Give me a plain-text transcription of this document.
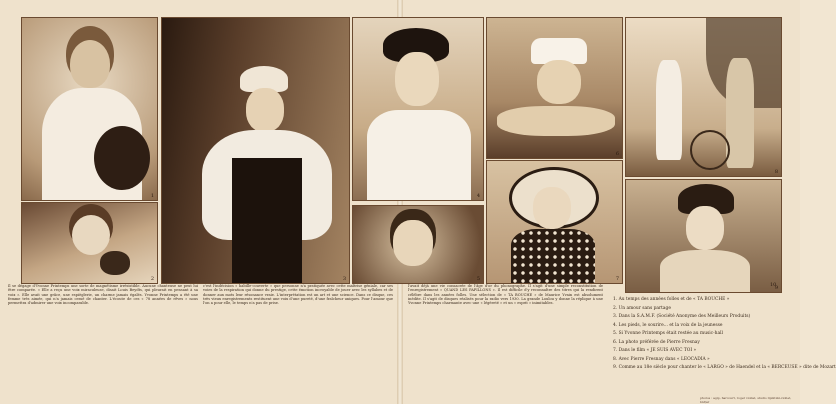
1
2	3
4
5
6
7
8
9
10

Il se dégage d'Yvonne Printemps une sorte de magnétisme irrésistible. Aucune chanteuse ne peut lui être comparée. « Elle a reçu une voix miraculeuse, disait Louis Beydts, qui pleurait en pensant à sa voix ». Elle avait une grâce, une espièglerie, un charme jamais égalés. Yvonne Printemps a été une femme très aimée, qui n'a jamais cessé de chanter. L'écoute de ces « 78 années de rêves » nous permettra d'admirer une voix incomparable.

c'est l'indécision « habille-couverte » que personne n'a pratiquée avec cette maîtrise géniale, car ses voies de la respiration qui donne du prestige, cette émotion incroyable de jouer avec les syllabes et de donner aux mots leur résonance vraie. L'interprétation est un art et une science. Dans ce disque, ces très vieux enregistrements restituent une voix d'une pureté, d'une fraîcheur uniques. Pour l'amour que l'on a pour elle, le temps n'a pas de prise.

l'avait déjà une vie consacrée de l'âge d'or du phonographe. Il s'agit d'une simple reconstitution de l'enregistrement « QUAND LES PAPILLONS ». Il est difficile d'y reconnaître des titres qui la rendirent célèbre dans les années folles. Une sélection de « TA BOUCHE » de Maurice Yvain est absolument inédite. Il s'agit de disques réalisés pour la radio vers 1930. La grande Loulou y donne la réplique à une Yvonne Printemps charmante avec une « légèreté » et un « esprit » inimitables.

1. Au temps des années folles et de « TA BOUCHE »
2. Un amour sans partage
3. Dans la S.A.M.F. (Société Anonyme des Meilleurs Produits)
4. Les pieds, le sourire... et la voix de la jeunesse
5. Si Yvonne Printemps était restée au music-hall
6. La photo préférée de Pierre Fresnay
7. Dans le film « JE SUIS AVEC TOI »
8. Avec Pierre Fresnay dans « LEOCADIA »
9. Comme au 18e siècle pour chanter le « LARGO » de Haendel et la « BERCEUSE » dite de Mozart
photos : agip, harcourt, roger viollet, studio lipnitzki-viollet, bnf/ar
